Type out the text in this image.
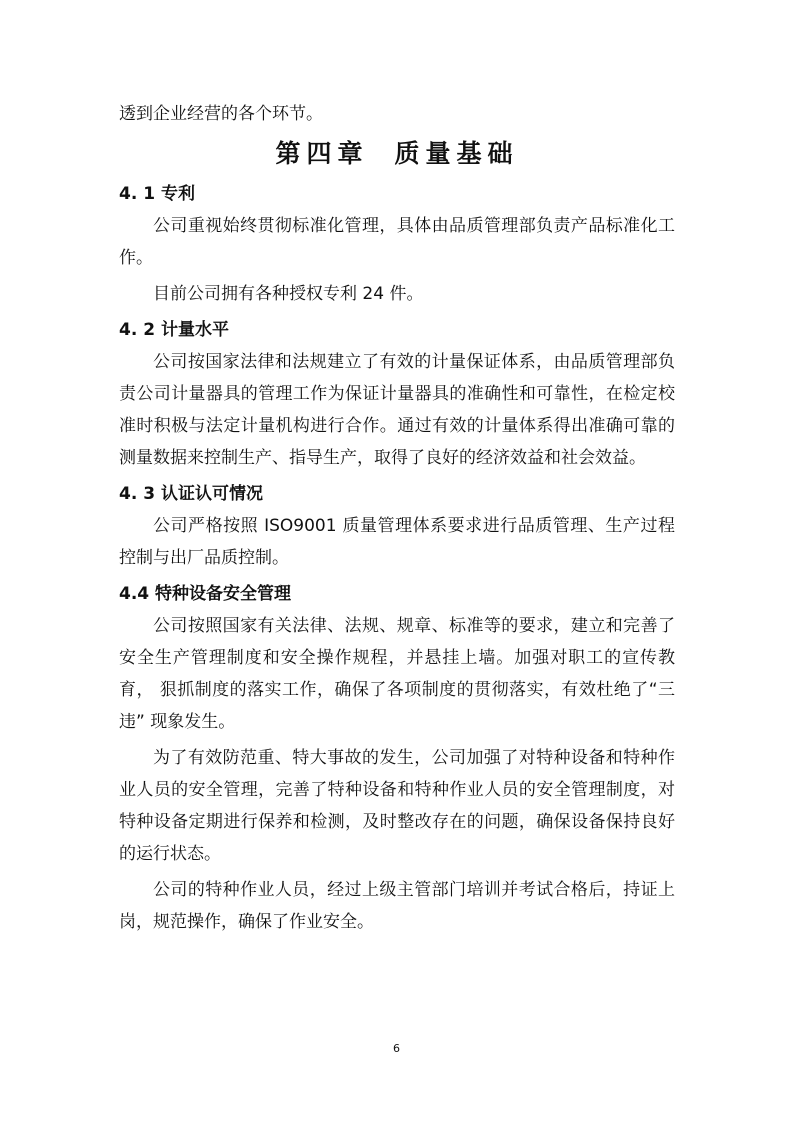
透到企业经营的各个环节。

第四章 质量基础
4. 1 专利

公司重视始终贯彻标准化管理，具体由品质管理部负责产品标准化工作。

目前公司拥有各种授权专利 24 件。

4. 2 计量水平

公司按国家法律和法规建立了有效的计量保证体系，由品质管理部负责公司计量器具的管理工作为保证计量器具的准确性和可靠性，在检定校准时积极与法定计量机构进行合作。通过有效的计量体系得出准确可靠的测量数据来控制生产、指导生产，取得了良好的经济效益和社会效益。

4. 3 认证认可情况

公司严格按照 ISO9001 质量管理体系要求进行品质管理、生产过程控制与出厂品质控制。

4.4 特种设备安全管理

公司按照国家有关法律、法规、规章、标准等的要求，建立和完善了安全生产管理制度和安全操作规程，并悬挂上墙。加强对职工的宣传教育， 狠抓制度的落实工作，确保了各项制度的贯彻落实，有效杜绝了“三违” 现象发生。

为了有效防范重、特大事故的发生，公司加强了对特种设备和特种作业人员的安全管理，完善了特种设备和特种作业人员的安全管理制度，对特种设备定期进行保养和检测，及时整改存在的问题，确保设备保持良好的运行状态。

公司的特种作业人员，经过上级主管部门培训并考试合格后，持证上岗，规范操作，确保了作业安全。

6
